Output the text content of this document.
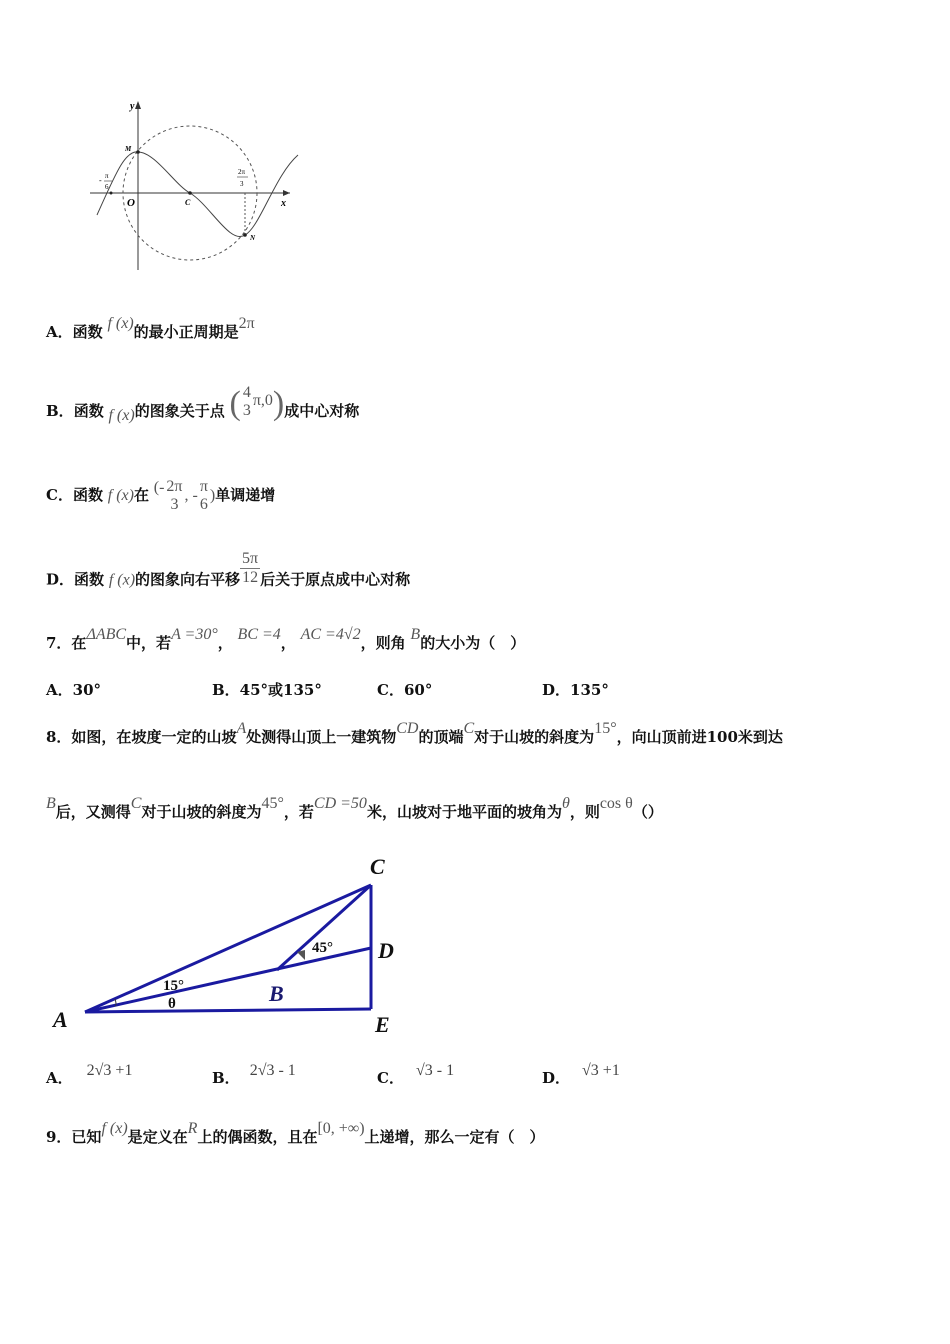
y
x
O
M
C
N
- π
6
2π
3
A．函数 f (x)的最小正周期是2π
B．函数 f (x)的图象关于点 ( 4
3
π,0)成中心对称
C．函数 f (x)在 (- 2π
3
, -
π
6
)单调递增
D．函数 f (x)的图象向右平移 $\frac{5\pi}{12}$ 后关于原点成中心对称
7．在ΔABC中，若A =30°， BC =4， AC =4√2，则角 B的大小为（　）
A．30°	B．45°或135°	C．60°	D．135°
8．如图，在坡度一定的山坡A处测得山顶上一建筑物CD的顶端C对于山坡的斜度为15°，向山顶前进100米到达
B后，又测得C对于山坡的斜度为45°，若CD =50米，山坡对于地平面的坡角为θ，则cos θ（）
A
B
C
D
E
15°
45°
θ
A． 2√3 +1	B． 2√3 - 1	C． √3 - 1	D． √3 +1
9．已知f (x)是定义在R上的偶函数，且在[0, +∞)上递增，那么一定有（　）
